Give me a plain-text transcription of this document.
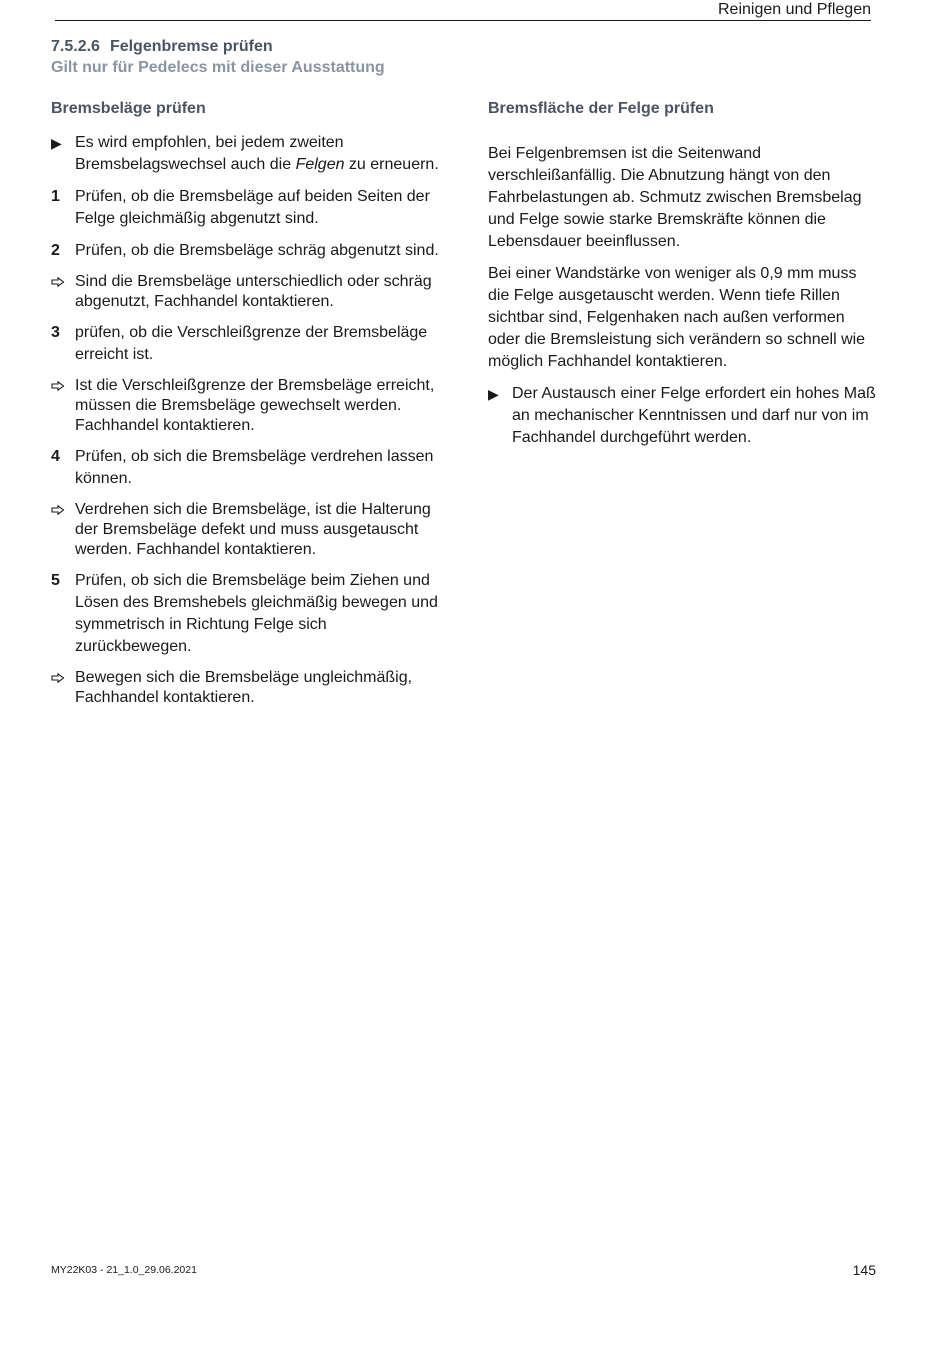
Reinigen und Pflegen
7.5.2.6 Felgenbremse prüfen
Gilt nur für Pedelecs mit dieser Ausstattung
Bremsbeläge prüfen
▶ Es wird empfohlen, bei jedem zweiten Bremsbelagswechsel auch die Felgen zu erneuern.
1 Prüfen, ob die Bremsbeläge auf beiden Seiten der Felge gleichmäßig abgenutzt sind.
2 Prüfen, ob die Bremsbeläge schräg abgenutzt sind.
Sind die Bremsbeläge unterschiedlich oder schräg abgenutzt, Fachhandel kontaktieren.
3 prüfen, ob die Verschleißgrenze der Bremsbeläge erreicht ist.
Ist die Verschleißgrenze der Bremsbeläge erreicht, müssen die Bremsbeläge gewechselt werden. Fachhandel kontaktieren.
4 Prüfen, ob sich die Bremsbeläge verdrehen lassen können.
Verdrehen sich die Bremsbeläge, ist die Halterung der Bremsbeläge defekt und muss ausgetauscht werden. Fachhandel kontaktieren.
5 Prüfen, ob sich die Bremsbeläge beim Ziehen und Lösen des Bremshebels gleichmäßig bewegen und symmetrisch in Richtung Felge sich zurückbewegen.
Bewegen sich die Bremsbeläge ungleichmäßig, Fachhandel kontaktieren.
Bremsfläche der Felge prüfen
Bei Felgenbremsen ist die Seitenwand verschleißanfällig. Die Abnutzung hängt von den Fahrbelastungen ab. Schmutz zwischen Bremsbelag und Felge sowie starke Bremskräfte können die Lebensdauer beeinflussen.
Bei einer Wandstärke von weniger als 0,9 mm muss die Felge ausgetauscht werden. Wenn tiefe Rillen sichtbar sind, Felgenhaken nach außen verformen oder die Bremsleistung sich verändern so schnell wie möglich Fachhandel kontaktieren.
▶ Der Austausch einer Felge erfordert ein hohes Maß an mechanischer Kenntnissen und darf nur von im Fachhandel durchgeführt werden.
MY22K03 - 21_1.0_29.06.2021	145
